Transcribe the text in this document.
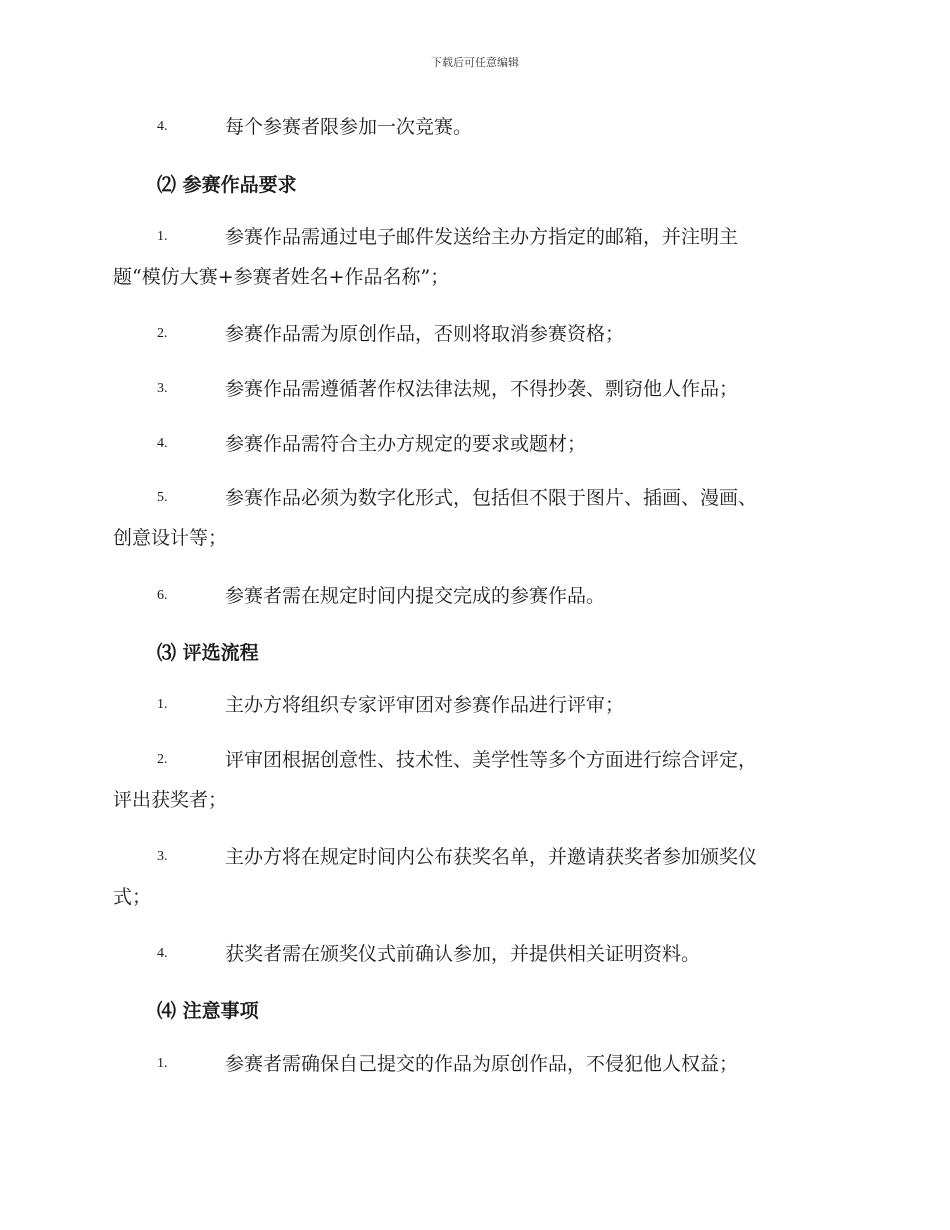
下载后可任意编辑
4.	每个参赛者限参加一次竞赛。
⑵ 参赛作品要求
1.	参赛作品需通过电子邮件发送给主办方指定的邮箱，并注明主
题“模仿大赛+参赛者姓名+作品名称”；
2.	参赛作品需为原创作品，否则将取消参赛资格；
3.	参赛作品需遵循著作权法律法规，不得抄袭、剽窃他人作品；
4.	参赛作品需符合主办方规定的要求或题材；
5.	参赛作品必须为数字化形式，包括但不限于图片、插画、漫画、
创意设计等；
6.	参赛者需在规定时间内提交完成的参赛作品。
⑶ 评选流程
1.	主办方将组织专家评审团对参赛作品进行评审；
2.	评审团根据创意性、技术性、美学性等多个方面进行综合评定，
评出获奖者；
3.	主办方将在规定时间内公布获奖名单，并邀请获奖者参加颁奖仪
式；
4.	获奖者需在颁奖仪式前确认参加，并提供相关证明资料。
⑷ 注意事项
1.	参赛者需确保自己提交的作品为原创作品，不侵犯他人权益；
